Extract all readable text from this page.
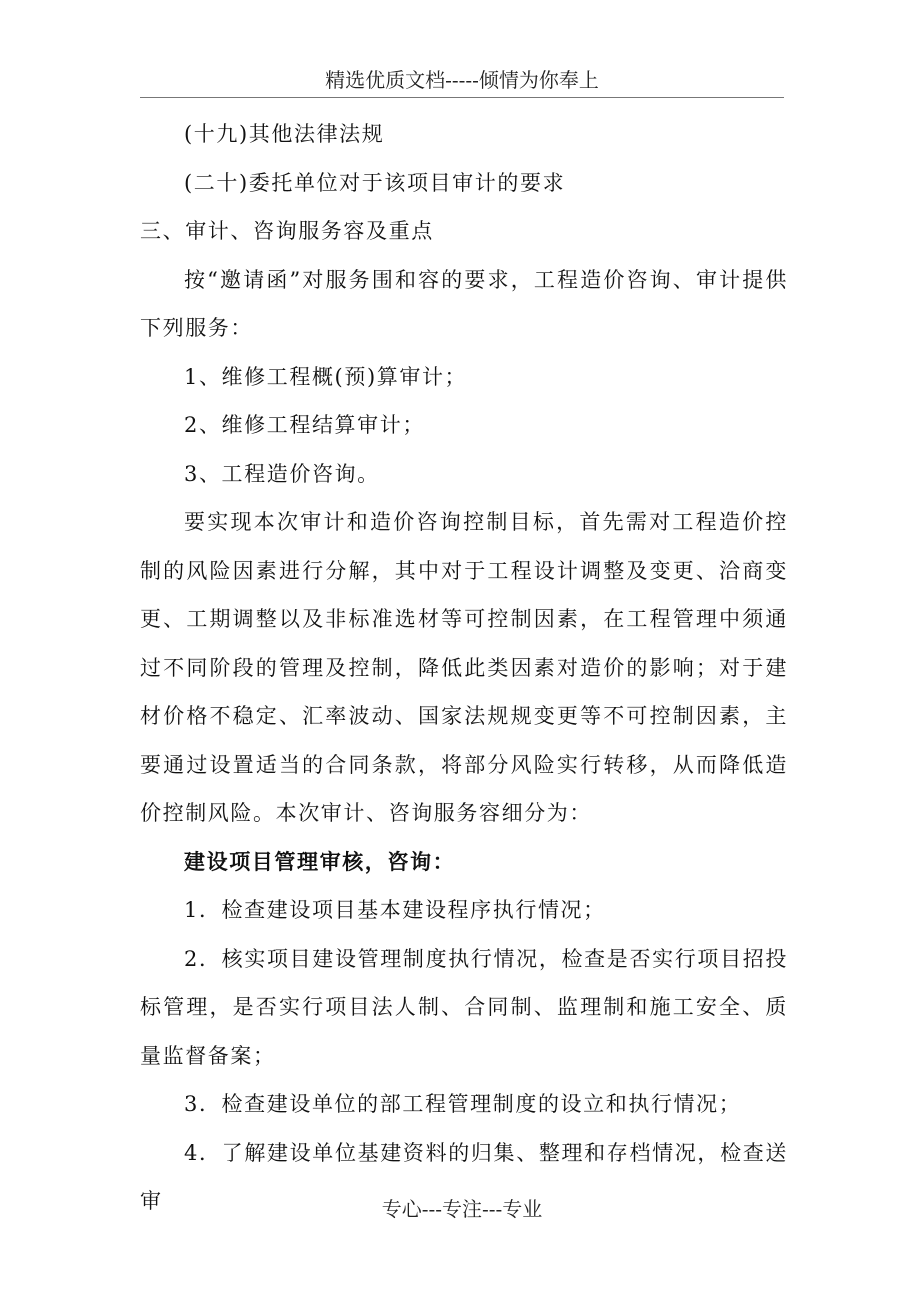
精选优质文档-----倾情为你奉上

(十九)其他法律法规

(二十)委托单位对于该项目审计的要求

三、审计、咨询服务容及重点

按“邀请函”对服务围和容的要求，工程造价咨询、审计提供下列服务：

1、维修工程概(预)算审计；

2、维修工程结算审计；

3、工程造价咨询。

要实现本次审计和造价咨询控制目标，首先需对工程造价控制的风险因素进行分解，其中对于工程设计调整及变更、洽商变更、工期调整以及非标准选材等可控制因素，在工程管理中须通过不同阶段的管理及控制，降低此类因素对造价的影响；对于建材价格不稳定、汇率波动、国家法规规变更等不可控制因素，主要通过设置适当的合同条款，将部分风险实行转移，从而降低造价控制风险。本次审计、咨询服务容细分为：

建设项目管理审核，咨询：

1．检查建设项目基本建设程序执行情况；

2．核实项目建设管理制度执行情况，检查是否实行项目招投标管理，是否实行项目法人制、合同制、监理制和施工安全、质量监督备案；

3．检查建设单位的部工程管理制度的设立和执行情况；

4．了解建设单位基建资料的归集、整理和存档情况，检查送审	专心---专注---专业
